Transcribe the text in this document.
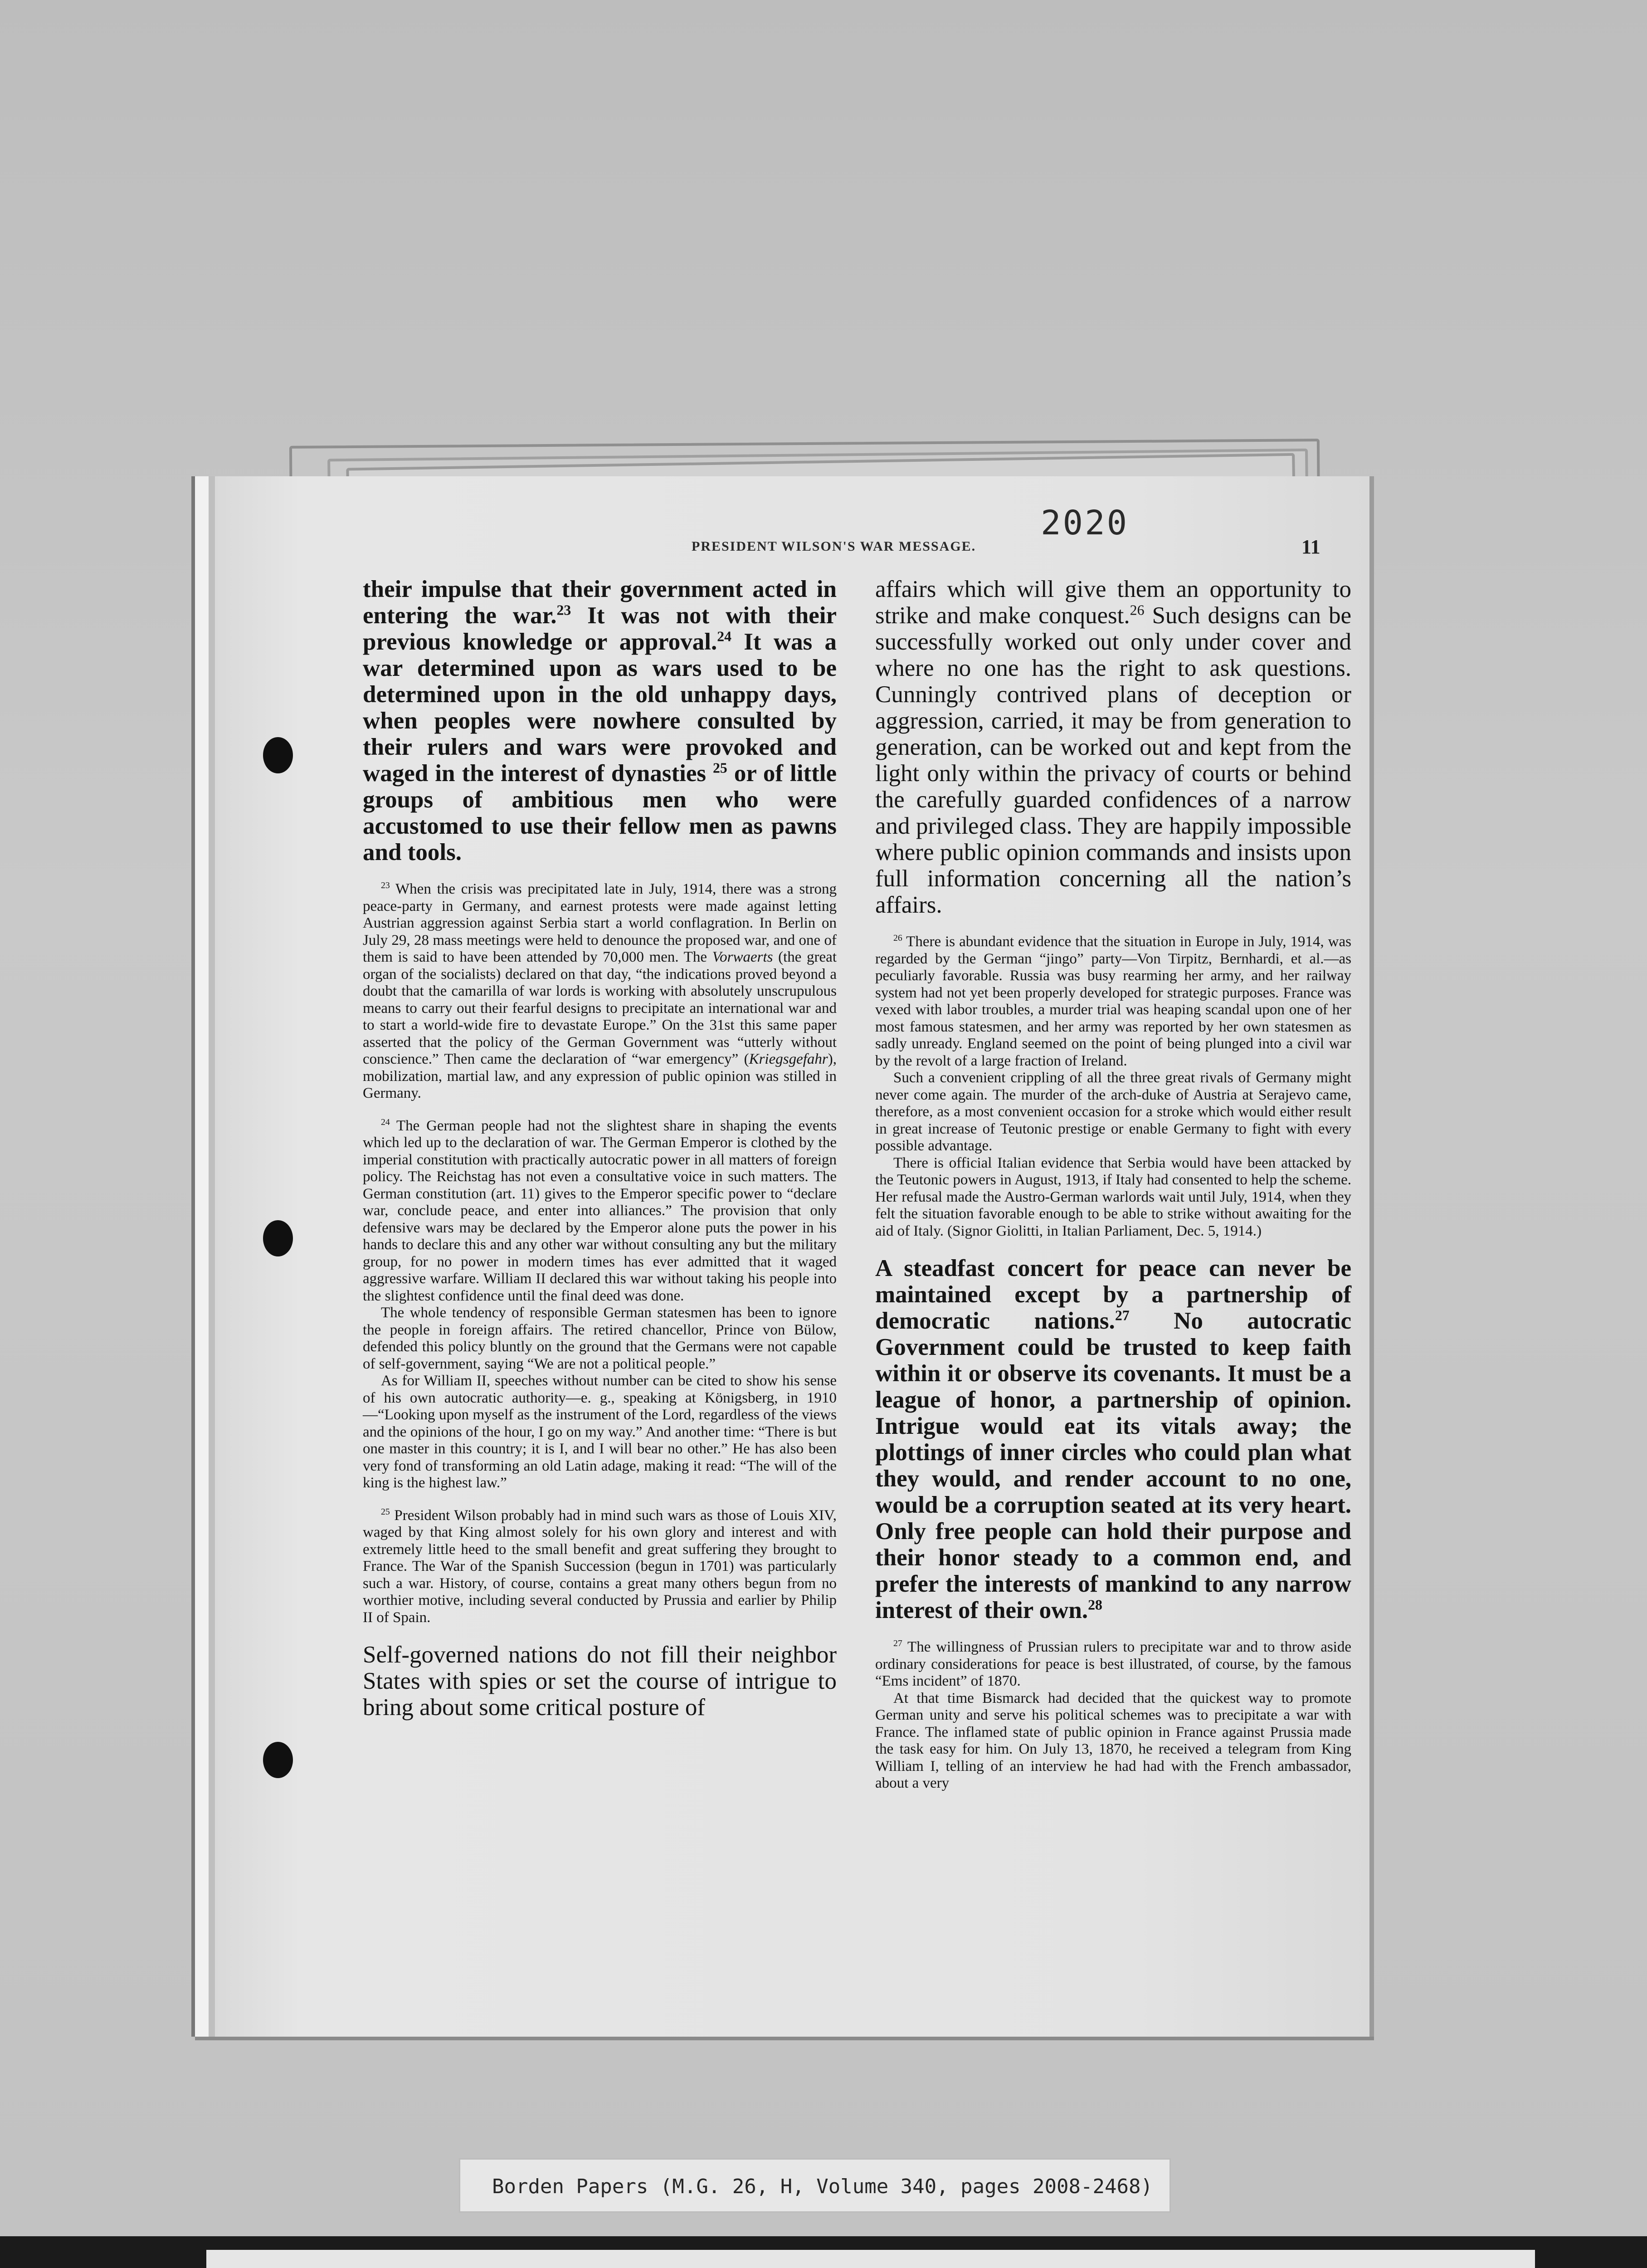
2020
PRESIDENT WILSON'S WAR MESSAGE.	11

their impulse that their government acted in entering the war.$^{23}$ It was not with their previous knowledge or approval.$^{24}$ It was a war determined upon as wars used to be determined upon in the old unhappy days, when peoples were nowhere consulted by their rulers and wars were provoked and waged in the interest of dynasties $^{25}$ or of little groups of ambitious men who were accustomed to use their fellow men as pawns and tools.

$^{23}$ When the crisis was precipitated late in July, 1914, there was a strong peace-party in Germany, and earnest protests were made against letting Austrian aggression against Serbia start a world conflagration. In Berlin on July 29, 28 mass meetings were held to denounce the proposed war, and one of them is said to have been attended by 70,000 men. The Vorwaerts (the great organ of the socialists) declared on that day, “the indications proved beyond a doubt that the camarilla of war lords is working with absolutely unscrupulous means to carry out their fearful designs to precipitate an international war and to start a world-wide fire to devastate Europe.” On the 31st this same paper asserted that the policy of the German Government was “utterly without conscience.” Then came the declaration of “war emergency” (Kriegsgefahr), mobilization, martial law, and any expression of public opinion was stilled in Germany.

$^{24}$ The German people had not the slightest share in shaping the events which led up to the declaration of war. The German Emperor is clothed by the imperial constitution with practically autocratic power in all matters of foreign policy. The Reichstag has not even a consultative voice in such matters. The German constitution (art. 11) gives to the Emperor specific power to “declare war, conclude peace, and enter into alliances.” The provision that only defensive wars may be declared by the Emperor alone puts the power in his hands to declare this and any other war without consulting any but the military group, for no power in modern times has ever admitted that it waged aggressive warfare. William II declared this war without taking his people into the slightest confidence until the final deed was done.

The whole tendency of responsible German statesmen has been to ignore the people in foreign affairs. The retired chancellor, Prince von Bülow, defended this policy bluntly on the ground that the Germans were not capable of self-government, saying “We are not a political people.”

As for William II, speeches without number can be cited to show his sense of his own autocratic authority—e. g., speaking at Königsberg, in 1910—“Looking upon myself as the instrument of the Lord, regardless of the views and the opinions of the hour, I go on my way.” And another time: “There is but one master in this country; it is I, and I will bear no other.” He has also been very fond of transforming an old Latin adage, making it read: “The will of the king is the highest law.”

$^{25}$ President Wilson probably had in mind such wars as those of Louis XIV, waged by that King almost solely for his own glory and interest and with extremely little heed to the small benefit and great suffering they brought to France. The War of the Spanish Succession (begun in 1701) was particularly such a war. History, of course, contains a great many others begun from no worthier motive, including several conducted by Prussia and earlier by Philip II of Spain.

Self-governed nations do not fill their neighbor States with spies or set the course of intrigue to bring about some critical posture of

affairs which will give them an opportunity to strike and make conquest.$^{26}$ Such designs can be successfully worked out only under cover and where no one has the right to ask questions. Cunningly contrived plans of deception or aggression, carried, it may be from generation to generation, can be worked out and kept from the light only within the privacy of courts or behind the carefully guarded confidences of a narrow and privileged class. They are happily impossible where public opinion commands and insists upon full information concerning all the nation’s affairs.

$^{26}$ There is abundant evidence that the situation in Europe in July, 1914, was regarded by the German “jingo” party—Von Tirpitz, Bernhardi, et al.—as peculiarly favorable. Russia was busy rearming her army, and her railway system had not yet been properly developed for strategic purposes. France was vexed with labor troubles, a murder trial was heaping scandal upon one of her most famous statesmen, and her army was reported by her own statesmen as sadly unready. England seemed on the point of being plunged into a civil war by the revolt of a large fraction of Ireland.

Such a convenient crippling of all the three great rivals of Germany might never come again. The murder of the arch-duke of Austria at Serajevo came, therefore, as a most convenient occasion for a stroke which would either result in great increase of Teutonic prestige or enable Germany to fight with every possible advantage.

There is official Italian evidence that Serbia would have been attacked by the Teutonic powers in August, 1913, if Italy had consented to help the scheme. Her refusal made the Austro-German warlords wait until July, 1914, when they felt the situation favorable enough to be able to strike without awaiting for the aid of Italy. (Signor Giolitti, in Italian Parliament, Dec. 5, 1914.)

A steadfast concert for peace can never be maintained except by a partnership of democratic nations.$^{27}$ No autocratic Government could be trusted to keep faith within it or observe its covenants. It must be a league of honor, a partnership of opinion. Intrigue would eat its vitals away; the plottings of inner circles who could plan what they would, and render account to no one, would be a corruption seated at its very heart. Only free people can hold their purpose and their honor steady to a common end, and prefer the interests of mankind to any narrow interest of their own.$^{28}$

$^{27}$ The willingness of Prussian rulers to precipitate war and to throw aside ordinary considerations for peace is best illustrated, of course, by the famous “Ems incident” of 1870.

At that time Bismarck had decided that the quickest way to promote German unity and serve his political schemes was to precipitate a war with France. The inflamed state of public opinion in France against Prussia made the task easy for him. On July 13, 1870, he received a telegram from King William I, telling of an interview he had had with the French ambassador, about a very

Borden Papers (M.G. 26, H, Volume 340, pages 2008-2468)
